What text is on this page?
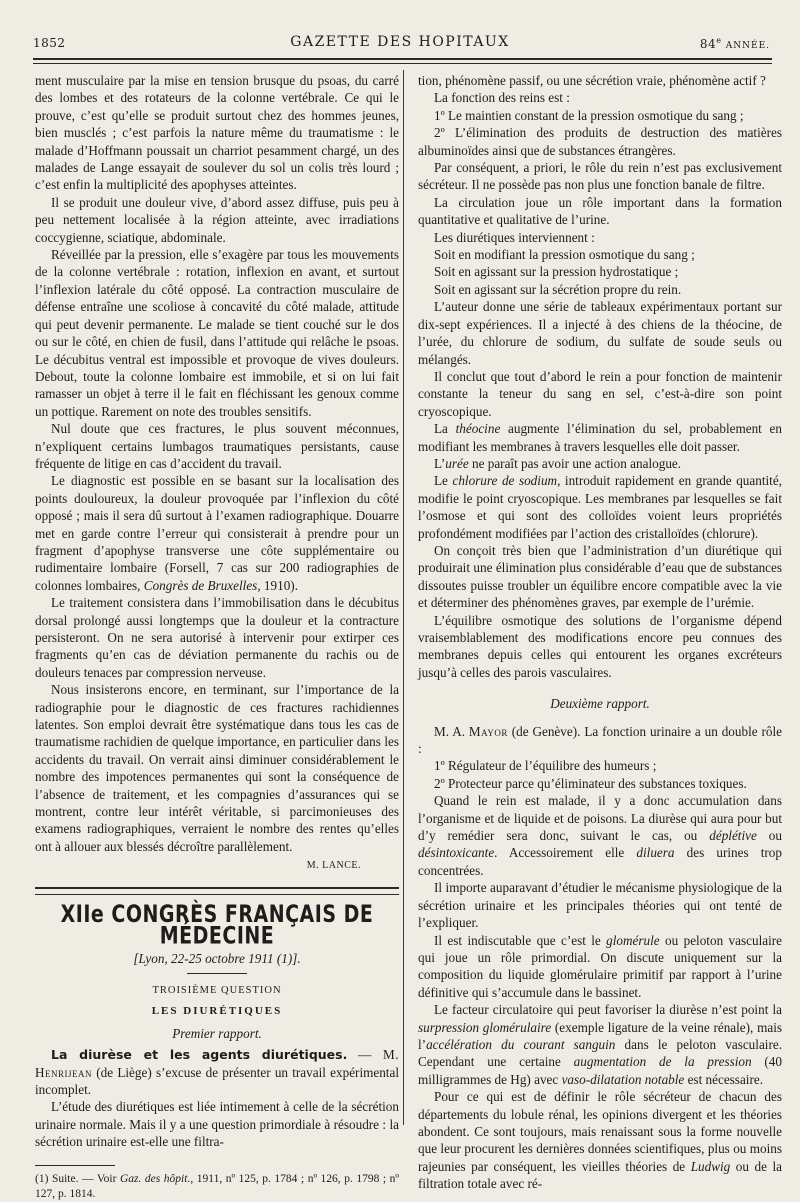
1852	GAZETTE DES HOPITAUX	84e ANNÉE.

ment musculaire par la mise en tension brusque du psoas, du carré des lombes et des rotateurs de la colonne vertébrale. Ce qui le prouve, c’est qu’elle se produit surtout chez des hommes jeunes, bien musclés ; c’est parfois la nature même du traumatisme : le malade d’Hoffmann poussait un charriot pesamment chargé, un des malades de Lange essayait de soulever du sol un colis très lourd ; c’est enfin la multiplicité des apophyses atteintes.

Il se produit une douleur vive, d’abord assez diffuse, puis peu à peu nettement localisée à la région atteinte, avec irradiations coccygienne, sciatique, abdominale.

Réveillée par la pression, elle s’exagère par tous les mouvements de la colonne vertébrale : rotation, inflexion en avant, et surtout l’inflexion latérale du côté opposé. La contraction musculaire de défense entraîne une scoliose à concavité du côté malade, attitude qui peut devenir permanente. Le malade se tient couché sur le dos ou sur le côté, en chien de fusil, dans l’attitude qui relâche le psoas. Le décubitus ventral est impossible et provoque de vives douleurs. Debout, toute la colonne lombaire est immobile, et si on lui fait ramasser un objet à terre il le fait en fléchissant les genoux comme un pottique. Rarement on note des troubles sensitifs.

Nul doute que ces fractures, le plus souvent méconnues, n’expliquent certains lumbagos traumatiques persistants, cause fréquente de litige en cas d’accident du travail.

Le diagnostic est possible en se basant sur la localisation des points douloureux, la douleur provoquée par l’inflexion du côté opposé ; mais il sera dû surtout à l’examen radiographique. Douarre met en garde contre l’erreur qui consisterait à prendre pour un fragment d’apophyse transverse une côte supplémentaire ou rudimentaire lombaire (Forsell, 7 cas sur 200 radiographies de colonnes lombaires, Congrès de Bruxelles, 1910).

Le traitement consistera dans l’immobilisation dans le décubitus dorsal prolongé aussi longtemps que la douleur et la contracture persisteront. On ne sera autorisé à intervenir pour extirper ces fragments qu’en cas de déviation permanente du rachis ou de douleurs tenaces par compression nerveuse.

Nous insisterons encore, en terminant, sur l’importance de la radiographie pour le diagnostic de ces fractures rachidiennes latentes. Son emploi devrait être systématique dans tous les cas de traumatisme rachidien de quelque importance, en particulier dans les accidents du travail. On verrait ainsi diminuer considérablement le nombre des impotences permanentes qui sont la conséquence de l’absence de traitement, et les compagnies d’assurances qui se montrent, contre leur intérêt véritable, si parcimonieuses des examens radiographiques, verraient le nombre des rentes qu’elles ont à allouer aux blessés décroître parallèlement.

M. LANCE.

XIIe CONGRÈS FRANÇAIS DE MÉDECINE
[Lyon, 22-25 octobre 1911 (1)].
TROISIÈME QUESTION
LES DIURÉTIQUES
Premier rapport.

La diurèse et les agents diurétiques. — M. Henrijean (de Liège) s’excuse de présenter un travail expérimental incomplet.

L’étude des diurétiques est liée intimement à celle de la sécrétion urinaire normale. Mais il y a une question primordiale à résoudre : la sécrétion urinaire est-elle une filtra-

(1) Suite. — Voir Gaz. des hôpit., 1911, nº 125, p. 1784 ; nº 126, p. 1798 ; nº 127, p. 1814.

tion, phénomène passif, ou une sécrétion vraie, phénomène actif ?

La fonction des reins est :

1º Le maintien constant de la pression osmotique du sang ;

2º L’élimination des produits de destruction des matières albuminoïdes ainsi que de substances étrangères.

Par conséquent, a priori, le rôle du rein n’est pas exclusivement sécréteur. Il ne possède pas non plus une fonction banale de filtre.

La circulation joue un rôle important dans la formation quantitative et qualitative de l’urine.

Les diurétiques interviennent :

Soit en modifiant la pression osmotique du sang ;

Soit en agissant sur la pression hydrostatique ;

Soit en agissant sur la sécrétion propre du rein.

L’auteur donne une série de tableaux expérimentaux portant sur dix-sept expériences. Il a injecté à des chiens de la théocine, de l’urée, du chlorure de sodium, du sulfate de soude seuls ou mélangés.

Il conclut que tout d’abord le rein a pour fonction de maintenir constante la teneur du sang en sel, c’est-à-dire son point cryoscopique.

La théocine augmente l’élimination du sel, probablement en modifiant les membranes à travers lesquelles elle doit passer.

L’urée ne paraît pas avoir une action analogue.

Le chlorure de sodium, introduit rapidement en grande quantité, modifie le point cryoscopique. Les membranes par lesquelles se fait l’osmose et qui sont des colloïdes voient leurs propriétés profondément modifiées par l’action des cristalloïdes (chlorure).

On conçoit très bien que l’administration d’un diurétique qui produirait une élimination plus considérable d’eau que de substances dissoutes puisse troubler un équilibre encore compatible avec la vie et déterminer des phénomènes graves, par exemple de l’urémie.

L’équilibre osmotique des solutions de l’organisme dépend vraisemblablement des modifications encore peu connues des membranes depuis celles qui entourent les organes excréteurs jusqu’à celles des parois vasculaires.

Deuxième rapport.

M. A. Mayor (de Genève). La fonction urinaire a un double rôle :

1º Régulateur de l’équilibre des humeurs ;

2º Protecteur parce qu’éliminateur des substances toxiques.

Quand le rein est malade, il y a donc accumulation dans l’organisme et de liquide et de poisons. La diurèse qui aura pour but d’y remédier sera donc, suivant le cas, ou déplétive ou désintoxicante. Accessoirement elle diluera des urines trop concentrées.

Il importe auparavant d’étudier le mécanisme physiologique de la sécrétion urinaire et les principales théories qui ont tenté de l’expliquer.

Il est indiscutable que c’est le glomérule ou peloton vasculaire qui joue un rôle primordial. On discute uniquement sur la composition du liquide glomérulaire primitif par rapport à l’urine définitive qui s’accumule dans le bassinet.

Le facteur circulatoire qui peut favoriser la diurèse n’est point la surpression glomérulaire (exemple ligature de la veine rénale), mais l’accélération du courant sanguin dans le peloton vasculaire. Cependant une certaine augmentation de la pression (40 milligrammes de Hg) avec vaso-dilatation notable est nécessaire.

Pour ce qui est de définir le rôle sécréteur de chacun des départements du lobule rénal, les opinions divergent et les théories abondent. Ce sont toujours, mais renaissant sous la forme nouvelle que leur procurent les dernières données scientifiques, plus ou moins rajeunies par conséquent, les vieilles théories de Ludwig ou de la filtration totale avec ré-
